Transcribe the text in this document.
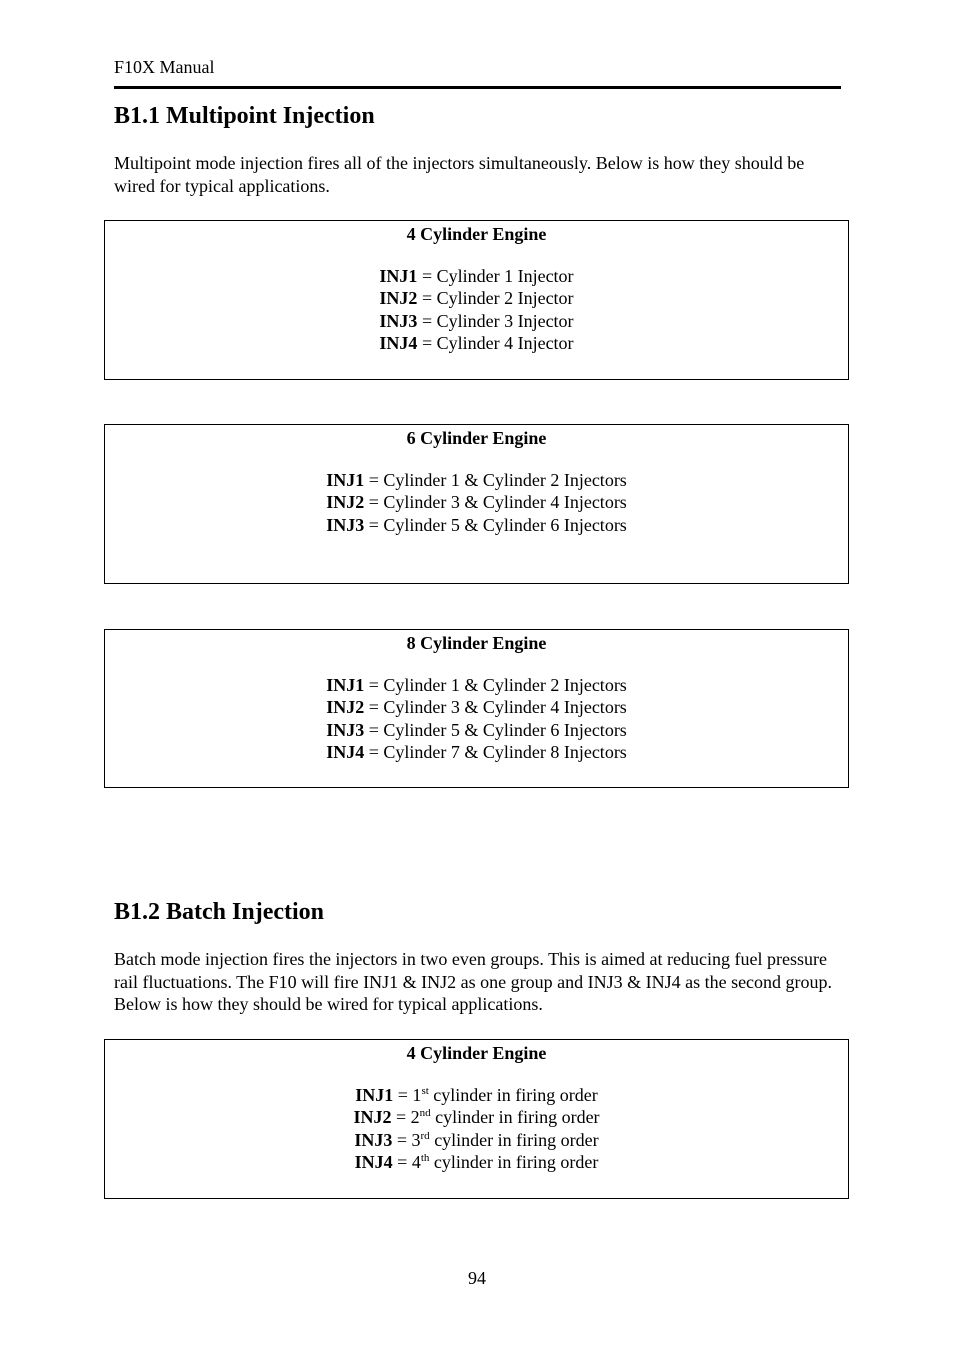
F10X Manual
B1.1 Multipoint Injection

Multipoint mode injection fires all of the injectors simultaneously. Below is how they should be wired for typical applications.

4 Cylinder Engine
INJ1 = Cylinder 1 Injector
INJ2 = Cylinder 2 Injector
INJ3 = Cylinder 3 Injector
INJ4 = Cylinder 4 Injector
6 Cylinder Engine
INJ1 = Cylinder 1 & Cylinder 2 Injectors
INJ2 = Cylinder 3 & Cylinder 4 Injectors
INJ3 = Cylinder 5 & Cylinder 6 Injectors
8 Cylinder Engine
INJ1 = Cylinder 1 & Cylinder 2 Injectors
INJ2 = Cylinder 3 & Cylinder 4 Injectors
INJ3 = Cylinder 5 & Cylinder 6 Injectors
INJ4 = Cylinder 7 & Cylinder 8 Injectors
B1.2 Batch Injection

Batch mode injection fires the injectors in two even groups. This is aimed at reducing fuel pressure rail fluctuations. The F10 will fire INJ1 & INJ2 as one group and INJ3 & INJ4 as the second group. Below is how they should be wired for typical applications.

4 Cylinder Engine
INJ1 = 1st cylinder in firing order
INJ2 = 2nd cylinder in firing order
INJ3 = 3rd cylinder in firing order
INJ4 = 4th cylinder in firing order
94
